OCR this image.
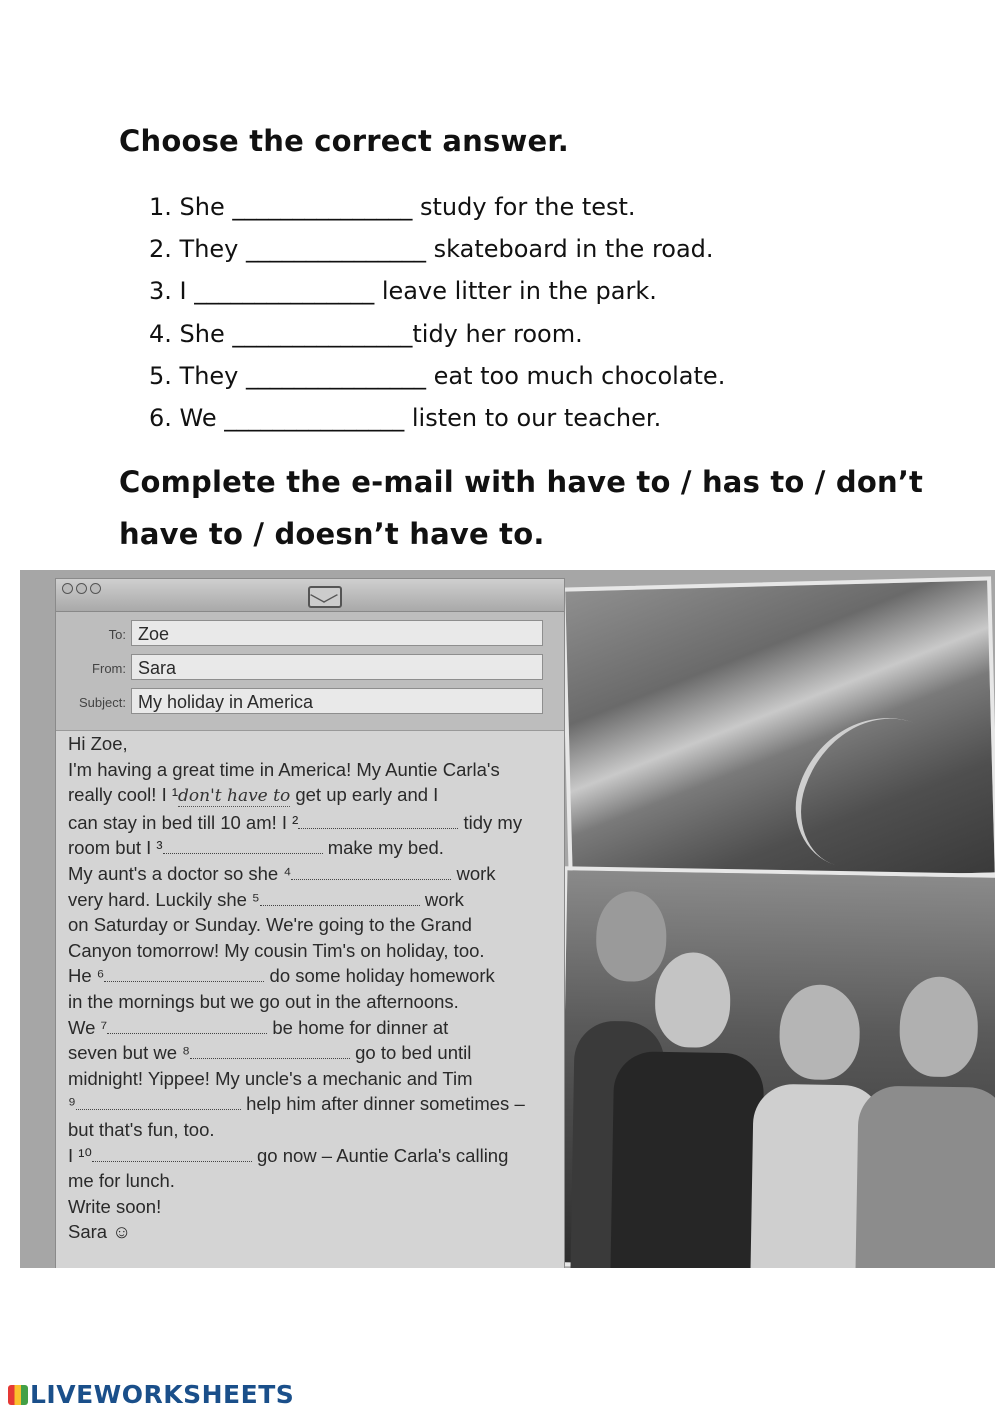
Choose the correct answer.
1. She _______________ study for the test.
2. They _______________ skateboard in the road.
3. I _______________ leave litter in the park.
4. She _______________tidy her room.
5. They _______________ eat too much chocolate.
6. We _______________ listen to our teacher.
Complete the e-mail with have to / has to / don’t
have to / doesn’t have to.
To: Zoe
From: Sara
Subject: My holiday in America
Hi Zoe,
I'm having a great time in America! My Auntie Carla's
really cool! I ¹don't have to get up early and I
can stay in bed till 10 am! I ²	tidy my
room but I ³	make my bed.
My aunt's a doctor so she ⁴	work
very hard. Luckily she ⁵	work
on Saturday or Sunday. We're going to the Grand
Canyon tomorrow! My cousin Tim's on holiday, too.
He ⁶	do some holiday homework
in the mornings but we go out in the afternoons.
We ⁷	be home for dinner at
seven but we ⁸	go to bed until
midnight! Yippee! My uncle's a mechanic and Tim
⁹	help him after dinner sometimes –
but that's fun, too.
I ¹⁰	go now – Auntie Carla's calling
me for lunch.
Write soon!
Sara ☺
LIVEWORKSHEETS
